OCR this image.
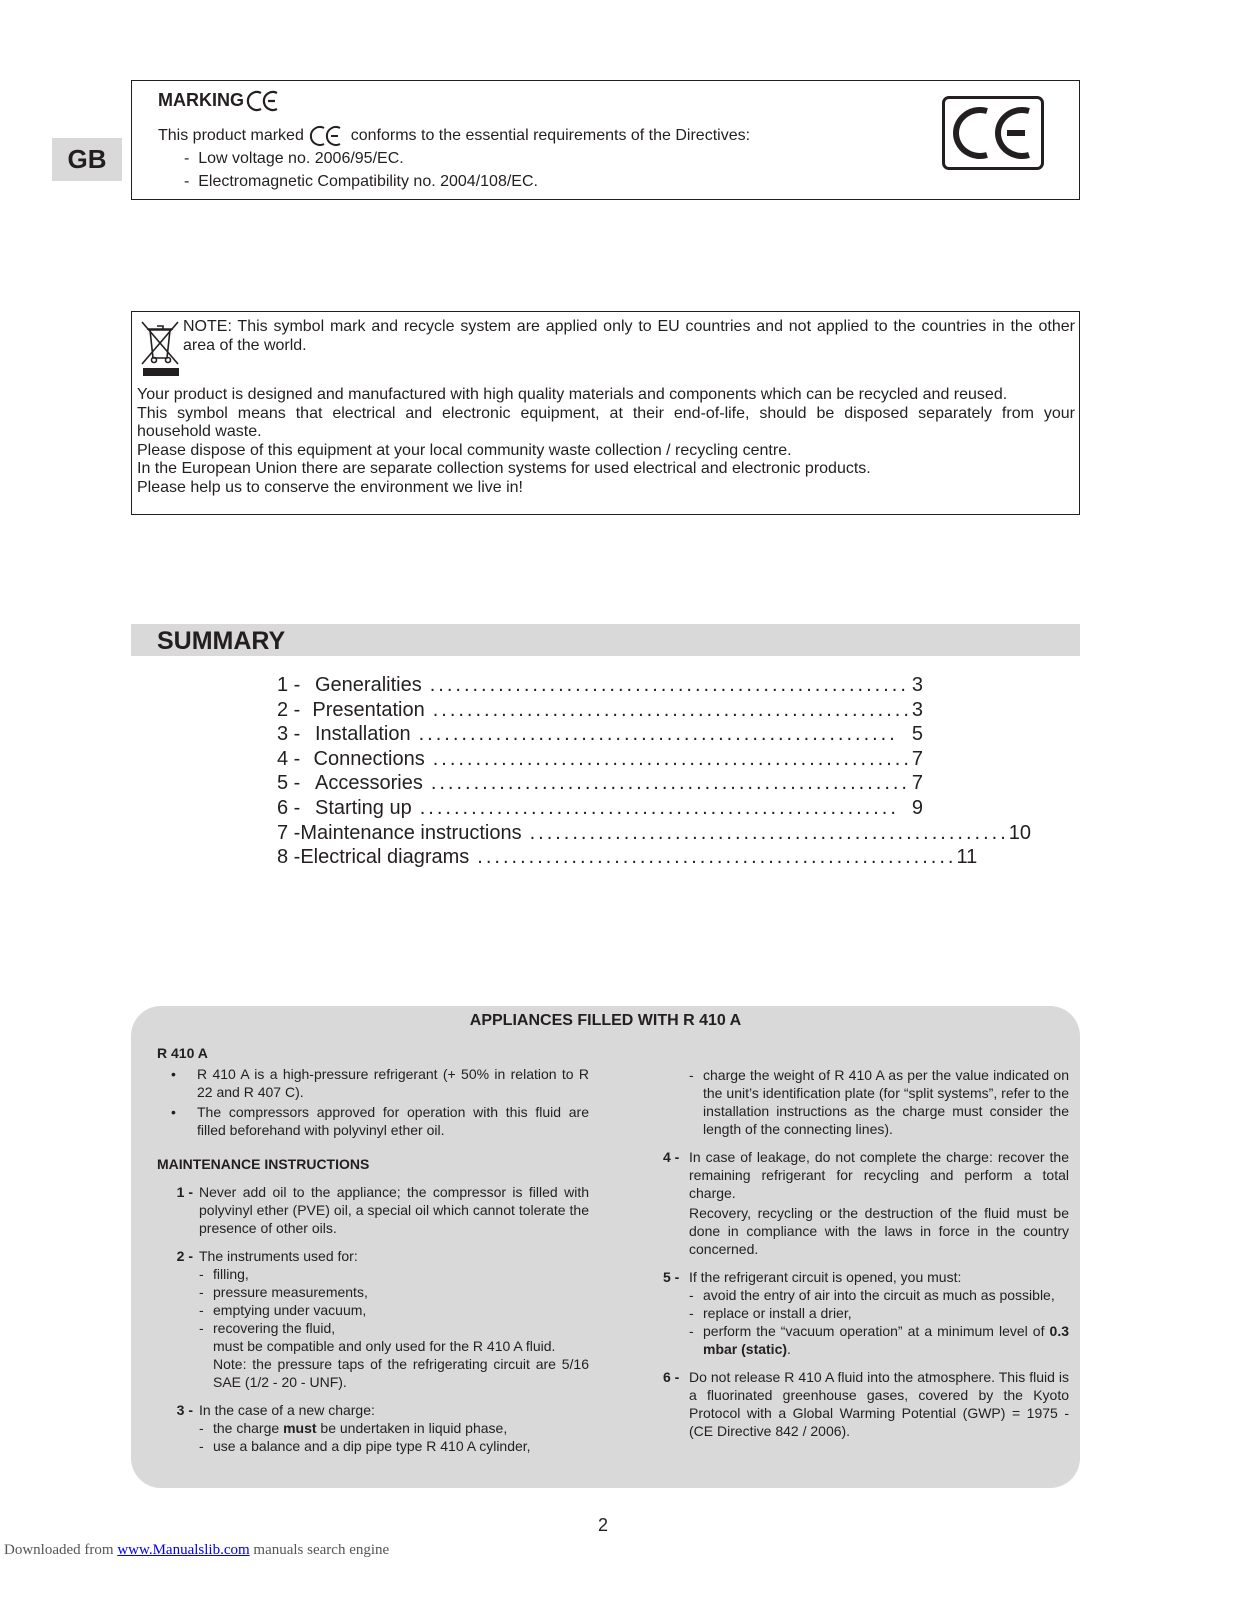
GB
MARKING
This product marked	conforms to the essential requirements of the Directives:
-  Low voltage no. 2006/95/EC.
-  Electromagnetic Compatibility no. 2004/108/EC.
NOTE: This symbol mark and recycle system are applied only to EU countries and not applied to the countries in the other area of the world.
Your product is designed and manufactured with high quality materials and components which can be recycled and reused.
This symbol means that electrical and electronic equipment, at their end-of-life, should be disposed separately from your
household waste.
Please dispose of this equipment at your local community waste collection / recycling centre.
In the European Union there are separate collection systems for used electrical and electronic products.
Please help us to conserve the environment we live in!
SUMMARY
1 - Generalities ........................................................ 3
2 - Presentation ........................................................ 3
3 - Installation ........................................................ 5
4 - Connections ........................................................ 7
5 - Accessories ........................................................ 7
6 - Starting up ........................................................ 9
7 - Maintenance instructions ........................................................ 10
8 - Electrical diagrams ........................................................ 11
APPLIANCES FILLED WITH R 410 A

R 410 A

•	R 410 A is a high-pressure refrigerant (+ 50% in relation to R 22 and R 407 C).
•	The compressors approved for operation with this fluid are filled beforehand with polyvinyl ether oil.

MAINTENANCE INSTRUCTIONS

1 - Never add oil to the appliance; the compressor is filled with polyvinyl ether (PVE) oil, a special oil which cannot tolerate the presence of other oils.
2 - The instruments used for:
- filling,
- pressure measurements,
- emptying under vacuum,
- recovering the fluid,
must be compatible and only used for the R 410 A fluid.
Note: the pressure taps of the refrigerating circuit are 5/16 SAE (1/2 - 20 - UNF).
3 - In the case of a new charge:
- the charge must be undertaken in liquid phase,
- use a balance and a dip pipe type R 410 A cylinder,
- charge the weight of R 410 A as per the value indicated on the unit’s identification plate (for “split systems”, refer to the installation instructions as the charge must consider the length of the connecting lines).
4 - In case of leakage, do not complete the charge: recover the remaining refrigerant for recycling and perform a total charge.
Recovery, recycling or the destruction of the fluid must be done in compliance with the laws in force in the country concerned.
5 - If the refrigerant circuit is opened, you must:
- avoid the entry of air into the circuit as much as possible,
- replace or install a drier,
- perform the “vacuum operation” at a minimum level of 0.3 mbar (static).
6 - Do not release R 410 A fluid into the atmosphere. This fluid is a fluorinated greenhouse gases, covered by the Kyoto Protocol with a Global Warming Potential (GWP) = 1975 - (CE Directive 842 / 2006).
2
Downloaded from www.Manualslib.com manuals search engine
